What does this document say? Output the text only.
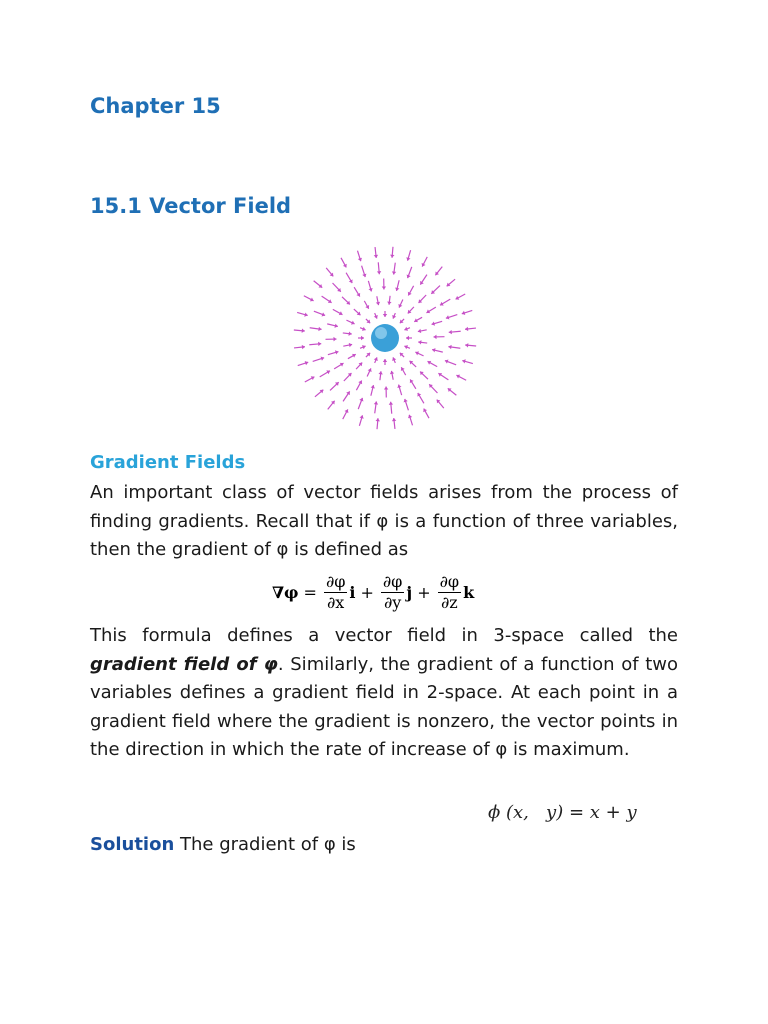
Chapter 15
15.1 Vector Field
Gradient Fields

An important class of vector fields arises from the process of finding gradients. Recall that if φ is a function of three variables, then the gradient of φ is defined as

$\nabla\varphi = \frac{\partial\varphi}{\partial x}$ $i + \frac{\partial\varphi}{\partial y}$ $j + \frac{\partial\varphi}{\partial z}$ k

This formula defines a vector field in 3-space called the gradient field of φ. Similarly, the gradient of a function of two variables defines a gradient field in 2-space. At each point in a gradient field where the gradient is nonzero, the vector points in the direction in which the rate of increase of φ is maximum.

ϕ (x,   y) = x + y
Solution The gradient of φ is
